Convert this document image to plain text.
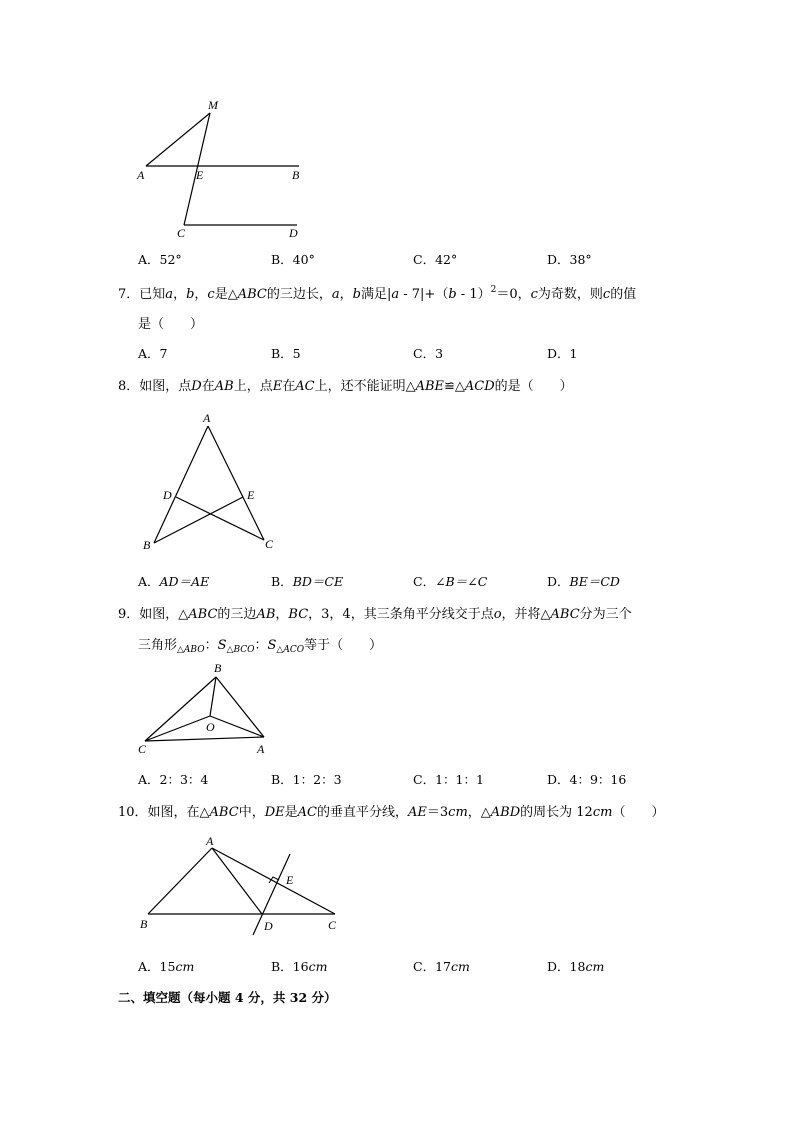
M
A	E	B
C	D
A．52°	B．40°	C．42°	D．38°
7．已知a，b，c是△ABC的三边长，a，b满足|a - 7|+（b - 1）$^2$＝0，c为奇数，则c的值
是（　　）
A．7	B．5	C．3	D．1
8．如图，点D在AB上，点E在AC上，还不能证明△ABE≌△ACD的是（　　）
A
D	E
B	C
A．AD＝AE	B．BD＝CE	C．∠B＝∠C	D．BE＝CD
9．如图，△ABC的三边AB，BC，3，4，其三条角平分线交于点o，并将△ABC分为三个
三角形$_{\triangle ABO}$：$S_{\triangle BCO}$：$S_{\triangle ACO}$等于（　　）
B
O
C	A
A．2：3：4	B．1：2：3	C．1：1：1	D．4：9：16
10．如图，在△ABC中，DE是AC的垂直平分线，AE＝3cm，△ABD的周长为 12cm（　　）
A
E
B	D	C
A．15cm	B．16cm	C．17cm	D．18cm
二、填空题（每小题 4 分，共 32 分）
